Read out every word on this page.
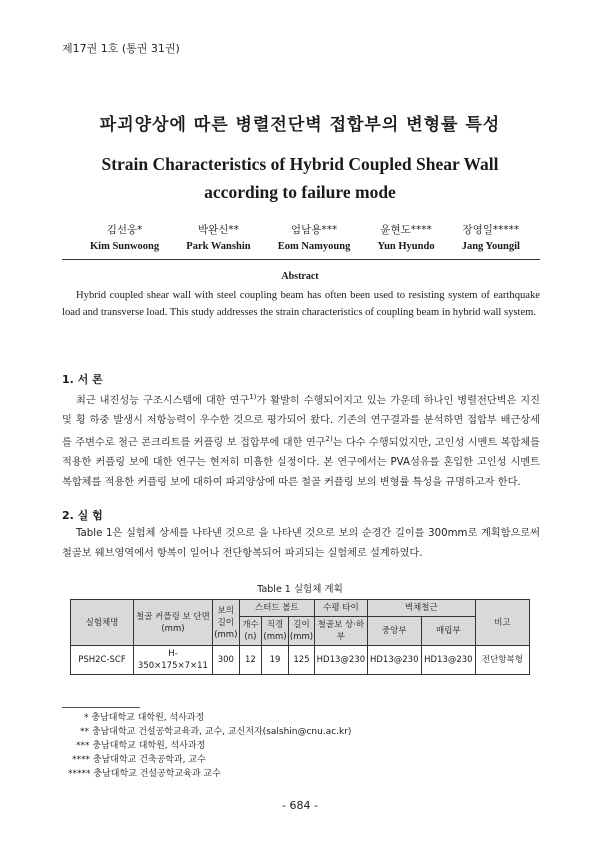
제17권 1호 (통권 31권)
파괴양상에 따른 병렬전단벽 접합부의 변형률 특성
Strain Characteristics of Hybrid Coupled Shear Wall
according to failure mode
김선웅*
Kim Sunwoong
박완신**
Park Wanshin
엄남용***
Eom Namyoung
윤현도****
Yun Hyundo
장영일*****
Jang Youngil
Abstract
Hybrid coupled shear wall with steel coupling beam has often been used to resisting system of earthquake load and transverse load. This study addresses the strain characteristics of coupling beam in hybrid wall system.
1. 서 론
최근 내진성능 구조시스템에 대한 연구$^{1)}$가 활발히 수행되어지고 있는 가운데 하나인 병렬전단벽은 지진 및 횡 하중 발생시 저항능력이 우수한 것으로 평가되어 왔다. 기존의 연구결과를 분석하면 접합부 배근상세를 주변수로 철근 콘크리트를 커플링 보 접합부에 대한 연구$^{2)}$는 다수 수행되었지만, 고인성 시멘트 복합체를 적용한 커플링 보에 대한 연구는 현저히 미흡한 실정이다. 본 연구에서는 PVA섬유를 혼입한 고인성 시멘트 복합체를 적용한 커플링 보에 대하여 파괴양상에 따른 철골 커플링 보의 변형률 특성을 규명하고자 한다.
2. 실 험
Table 1은 실험체 상세를 나타낸 것으로 을 나타낸 것으로 보의 순경간 길이를 300mm로 계획함으로써 철골보 웨브영역에서 항복이 일어나 전단항복되어 파괴되는 실험체로 설계하였다.
Table 1 실험체 계획
실험체명	철골 커플링 보 단면(mm)	보의 길이 (mm)	스터드 볼트			수평 타이	벽체철근		비고
			개수 (n)	직경 (mm)	길이 (mm)	철골보 상·하부	중앙부	매립부	
PSH2C-SCF	H-350×175×7×11	300	12	19	125	HD13@230	HD13@230	HD13@230	전단항복형
* 충남대학교 대학원, 석사과정
** 충남대학교 건설공학교육과, 교수, 교신저자(salshin@cnu.ac.kr)
*** 충남대학교 대학원, 석사과정
**** 충남대학교 건축공학과, 교수
***** 충남대학교 건설공학교육과 교수
- 684 -
